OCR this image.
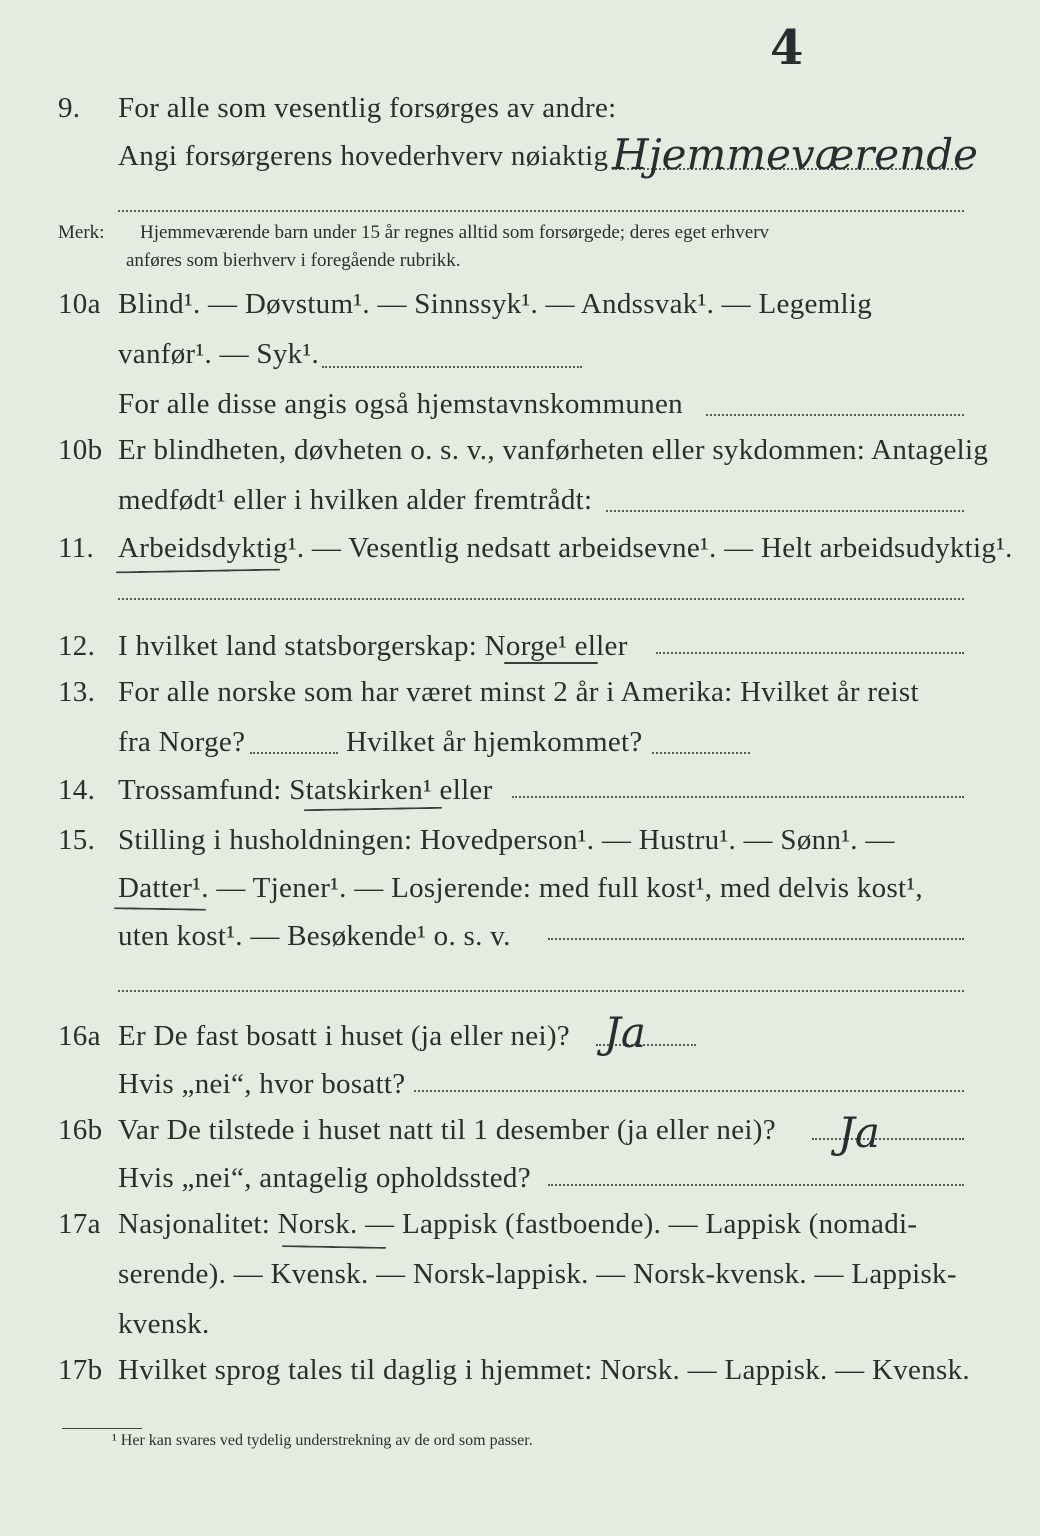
4
9. For alle som vesentlig forsørges av andre:
Angi forsørgerens hovederhverv nøiaktig Hjemmeværende
Merk: Hjemmeværende barn under 15 år regnes alltid som forsørgede; deres eget erhverv
anføres som bierhverv i foregående rubrikk.
10a Blind¹. — Døvstum¹. — Sinnssyk¹. — Andssvak¹. — Legemlig
vanfør¹. — Syk¹.
For alle disse angis også hjemstavnskommunen
10b Er blindheten, døvheten o. s. v., vanførheten eller sykdommen: Antagelig
medfødt¹ eller i hvilken alder fremtrådt:
11. Arbeidsdyktig¹. — Vesentlig nedsatt arbeidsevne¹. — Helt arbeidsudyktig¹.
12. I hvilket land statsborgerskap: Norge¹ eller
13. For alle norske som har været minst 2 år i Amerika: Hvilket år reist
fra Norge?	Hvilket år hjemkommet?
14. Trossamfund: Statskirken¹ eller
15. Stilling i husholdningen: Hovedperson¹. — Hustru¹. — Sønn¹. —
Datter¹. — Tjener¹. — Losjerende: med full kost¹, med delvis kost¹,
uten kost¹. — Besøkende¹ o. s. v.
16a Er De fast bosatt i huset (ja eller nei)? Ja
Hvis „nei“, hvor bosatt?
16b Var De tilstede i huset natt til 1 desember (ja eller nei)? Ja
Hvis „nei“, antagelig opholdssted?
17a Nasjonalitet: Norsk. — Lappisk (fastboende). — Lappisk (nomadi-
serende). — Kvensk. — Norsk-lappisk. — Norsk-kvensk. — Lappisk-
kvensk.
17b Hvilket sprog tales til daglig i hjemmet: Norsk. — Lappisk. — Kvensk.
¹ Her kan svares ved tydelig understrekning av de ord som passer.
